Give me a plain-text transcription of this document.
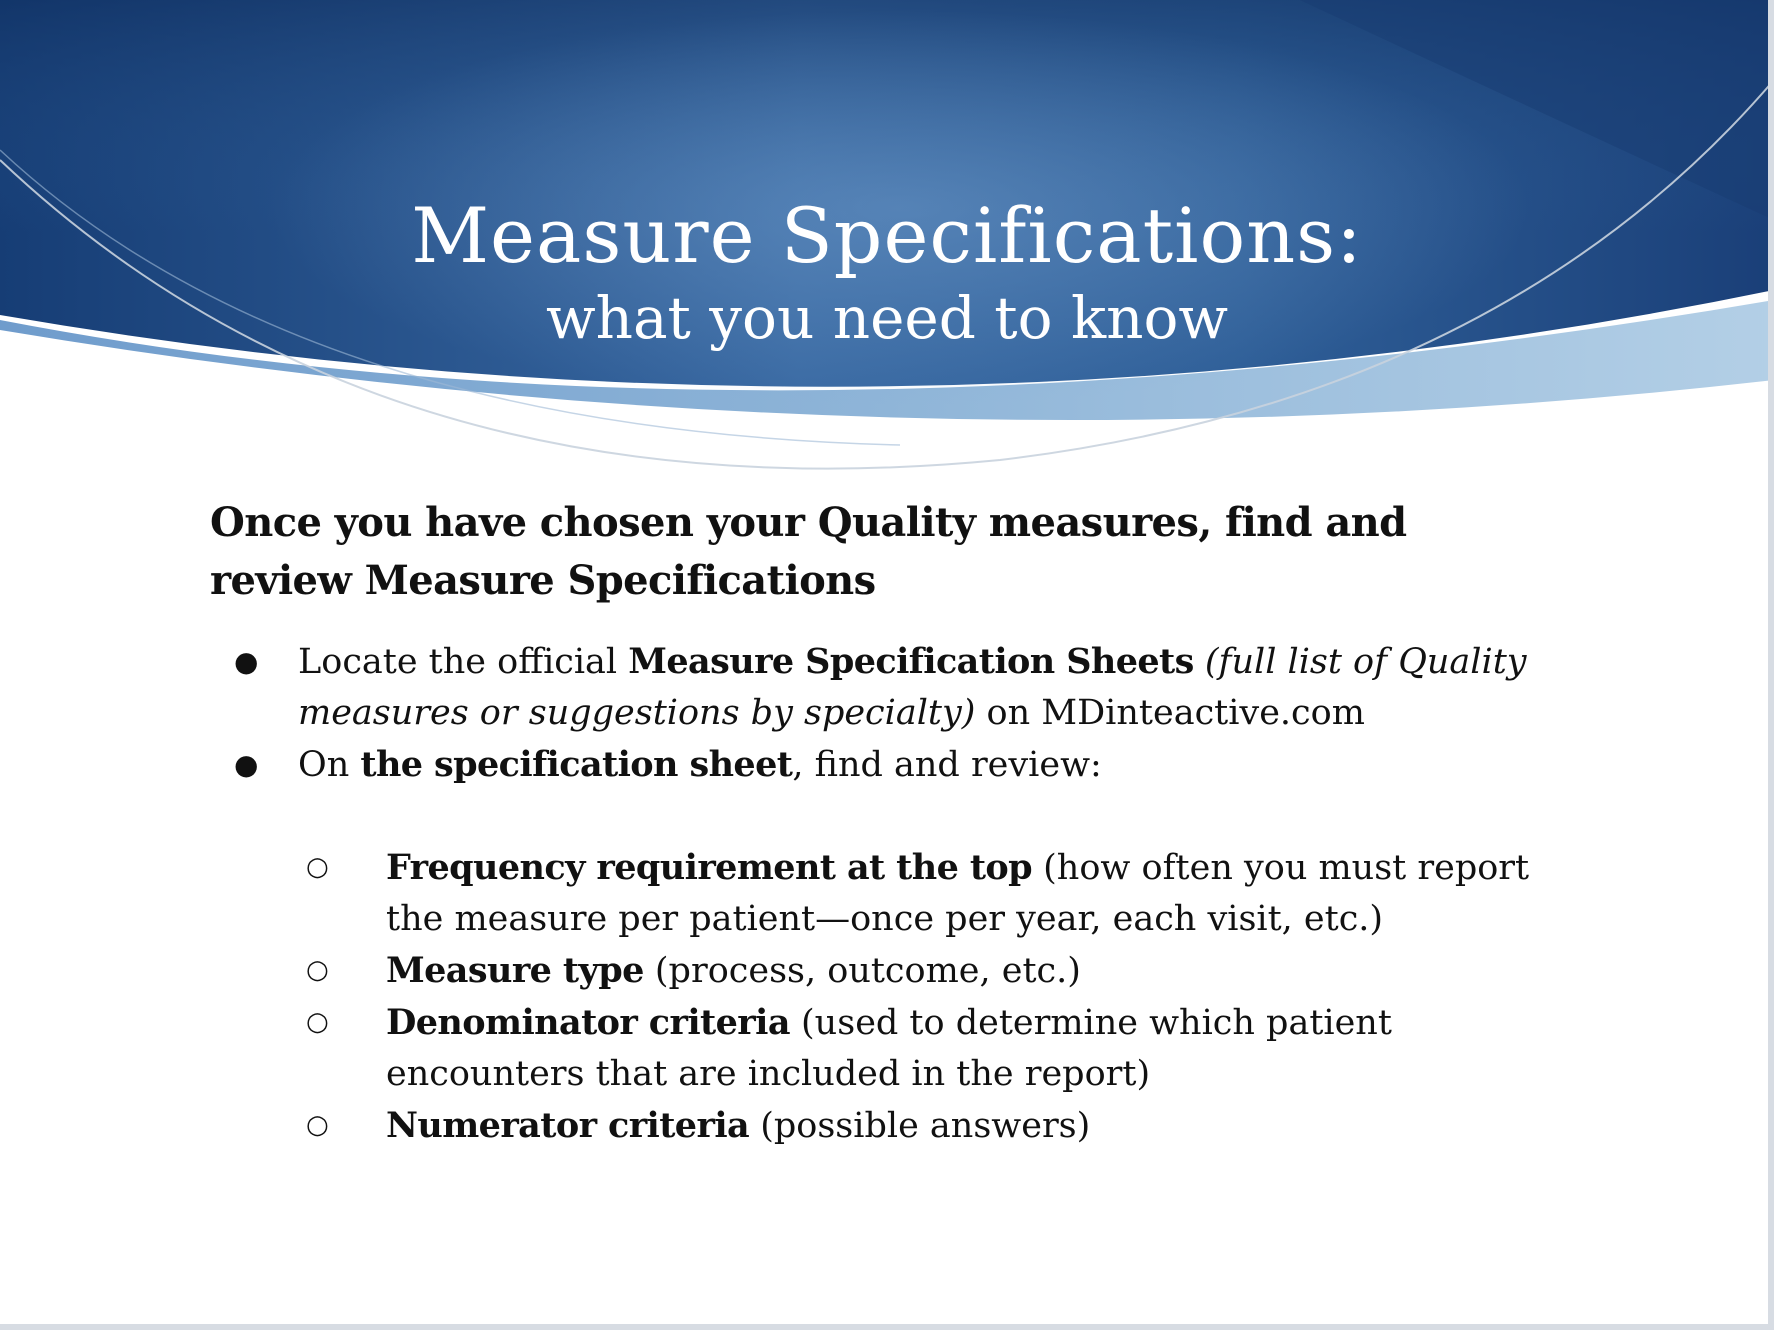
Measure Specifications:
what you need to know

Once you have chosen your Quality measures, find and review Measure Specifications

● Locate the official Measure Specification Sheets (full list of Quality measures or suggestions by specialty) on MDinteactive.com
● On the specification sheet, find and review:
○ Frequency requirement at the top (how often you must report the measure per patient—once per year, each visit, etc.)
○ Measure type (process, outcome, etc.)
○ Denominator criteria (used to determine which patient encounters that are included in the report)
○ Numerator criteria (possible answers)
